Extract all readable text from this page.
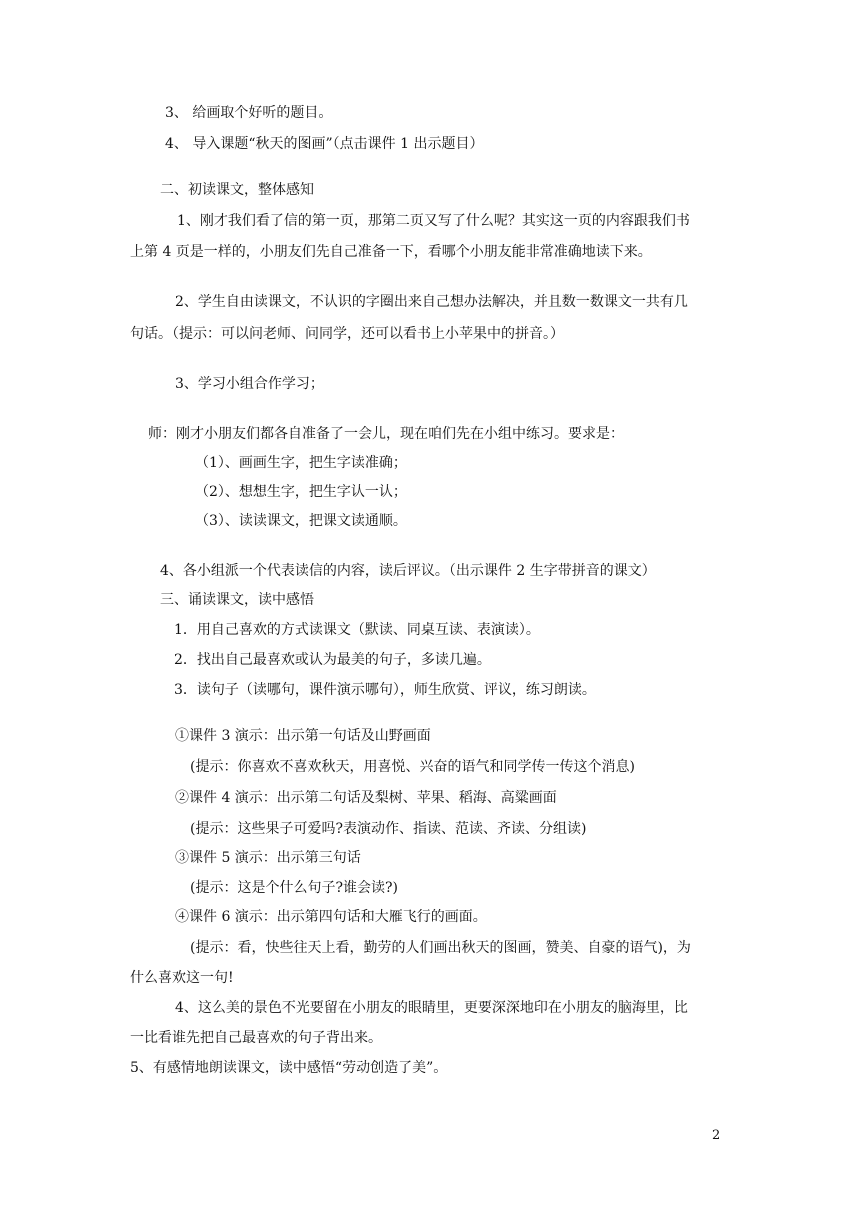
3、 给画取个好听的题目。
4、 导入课题“秋天的图画”（点击课件 1 出示题目）
二、初读课文，整体感知
1、刚才我们看了信的第一页，那第二页又写了什么呢？其实这一页的内容跟我们书
上第 4 页是一样的，小朋友们先自己准备一下，看哪个小朋友能非常准确地读下来。
2、学生自由读课文，不认识的字圈出来自己想办法解决，并且数一数课文一共有几
句话。（提示：可以问老师、问同学，还可以看书上小苹果中的拼音。）
3、学习小组合作学习；
师：刚才小朋友们都各自准备了一会儿，现在咱们先在小组中练习。要求是：
（1）、画画生字，把生字读准确；
（2）、想想生字，把生字认一认；
（3）、读读课文，把课文读通顺。
4、各小组派一个代表读信的内容，读后评议。（出示课件 2 生字带拼音的课文）
三、诵读课文，读中感悟
1．用自己喜欢的方式读课文（默读、同桌互读、表演读）。
2．找出自己最喜欢或认为最美的句子，多读几遍。
3．读句子（读哪句，课件演示哪句），师生欣赏、评议，练习朗读。
①课件 3 演示：出示第一句话及山野画面
(提示：你喜欢不喜欢秋天，用喜悦、兴奋的语气和同学传一传这个消息)
②课件 4 演示：出示第二句话及梨树、苹果、稻海、高粱画面
(提示：这些果子可爱吗?表演动作、指读、范读、齐读、分组读)
③课件 5 演示：出示第三句话
(提示：这是个什么句子?谁会读?)
④课件 6 演示：出示第四句话和大雁飞行的画面。
(提示：看，快些往天上看，勤劳的人们画出秋天的图画，赞美、自豪的语气)，为
什么喜欢这一句!
4、这么美的景色不光要留在小朋友的眼睛里，更要深深地印在小朋友的脑海里，比
一比看谁先把自己最喜欢的句子背出来。
5、有感情地朗读课文，读中感悟“劳动创造了美”。
2
